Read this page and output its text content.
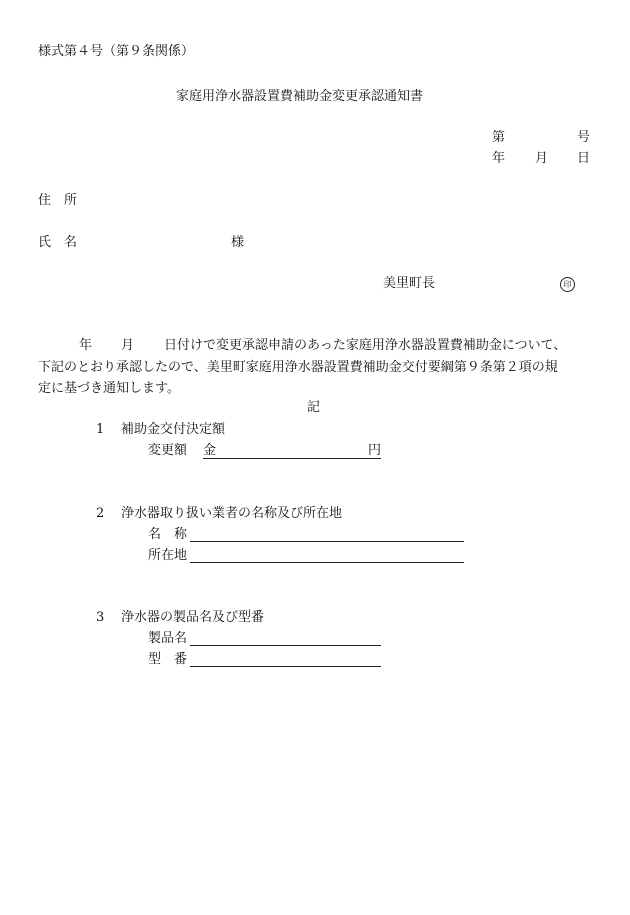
様式第４号（第９条関係）
家庭用浄水器設置費補助金変更承認通知書
第	号
年 月 日
住　所
氏　名	様
美里町長	印
年 月 日付けで変更承認申請のあった家庭用浄水器設置費補助金について、
下記のとおり承認したので、美里町家庭用浄水器設置費補助金交付要綱第９条第２項の規
定に基づき通知します。
記
1 補助金交付決定額
変更額 金	円
2 浄水器取り扱い業者の名称及び所在地
名　称
所在地
3 浄水器の製品名及び型番
製品名
型　番
